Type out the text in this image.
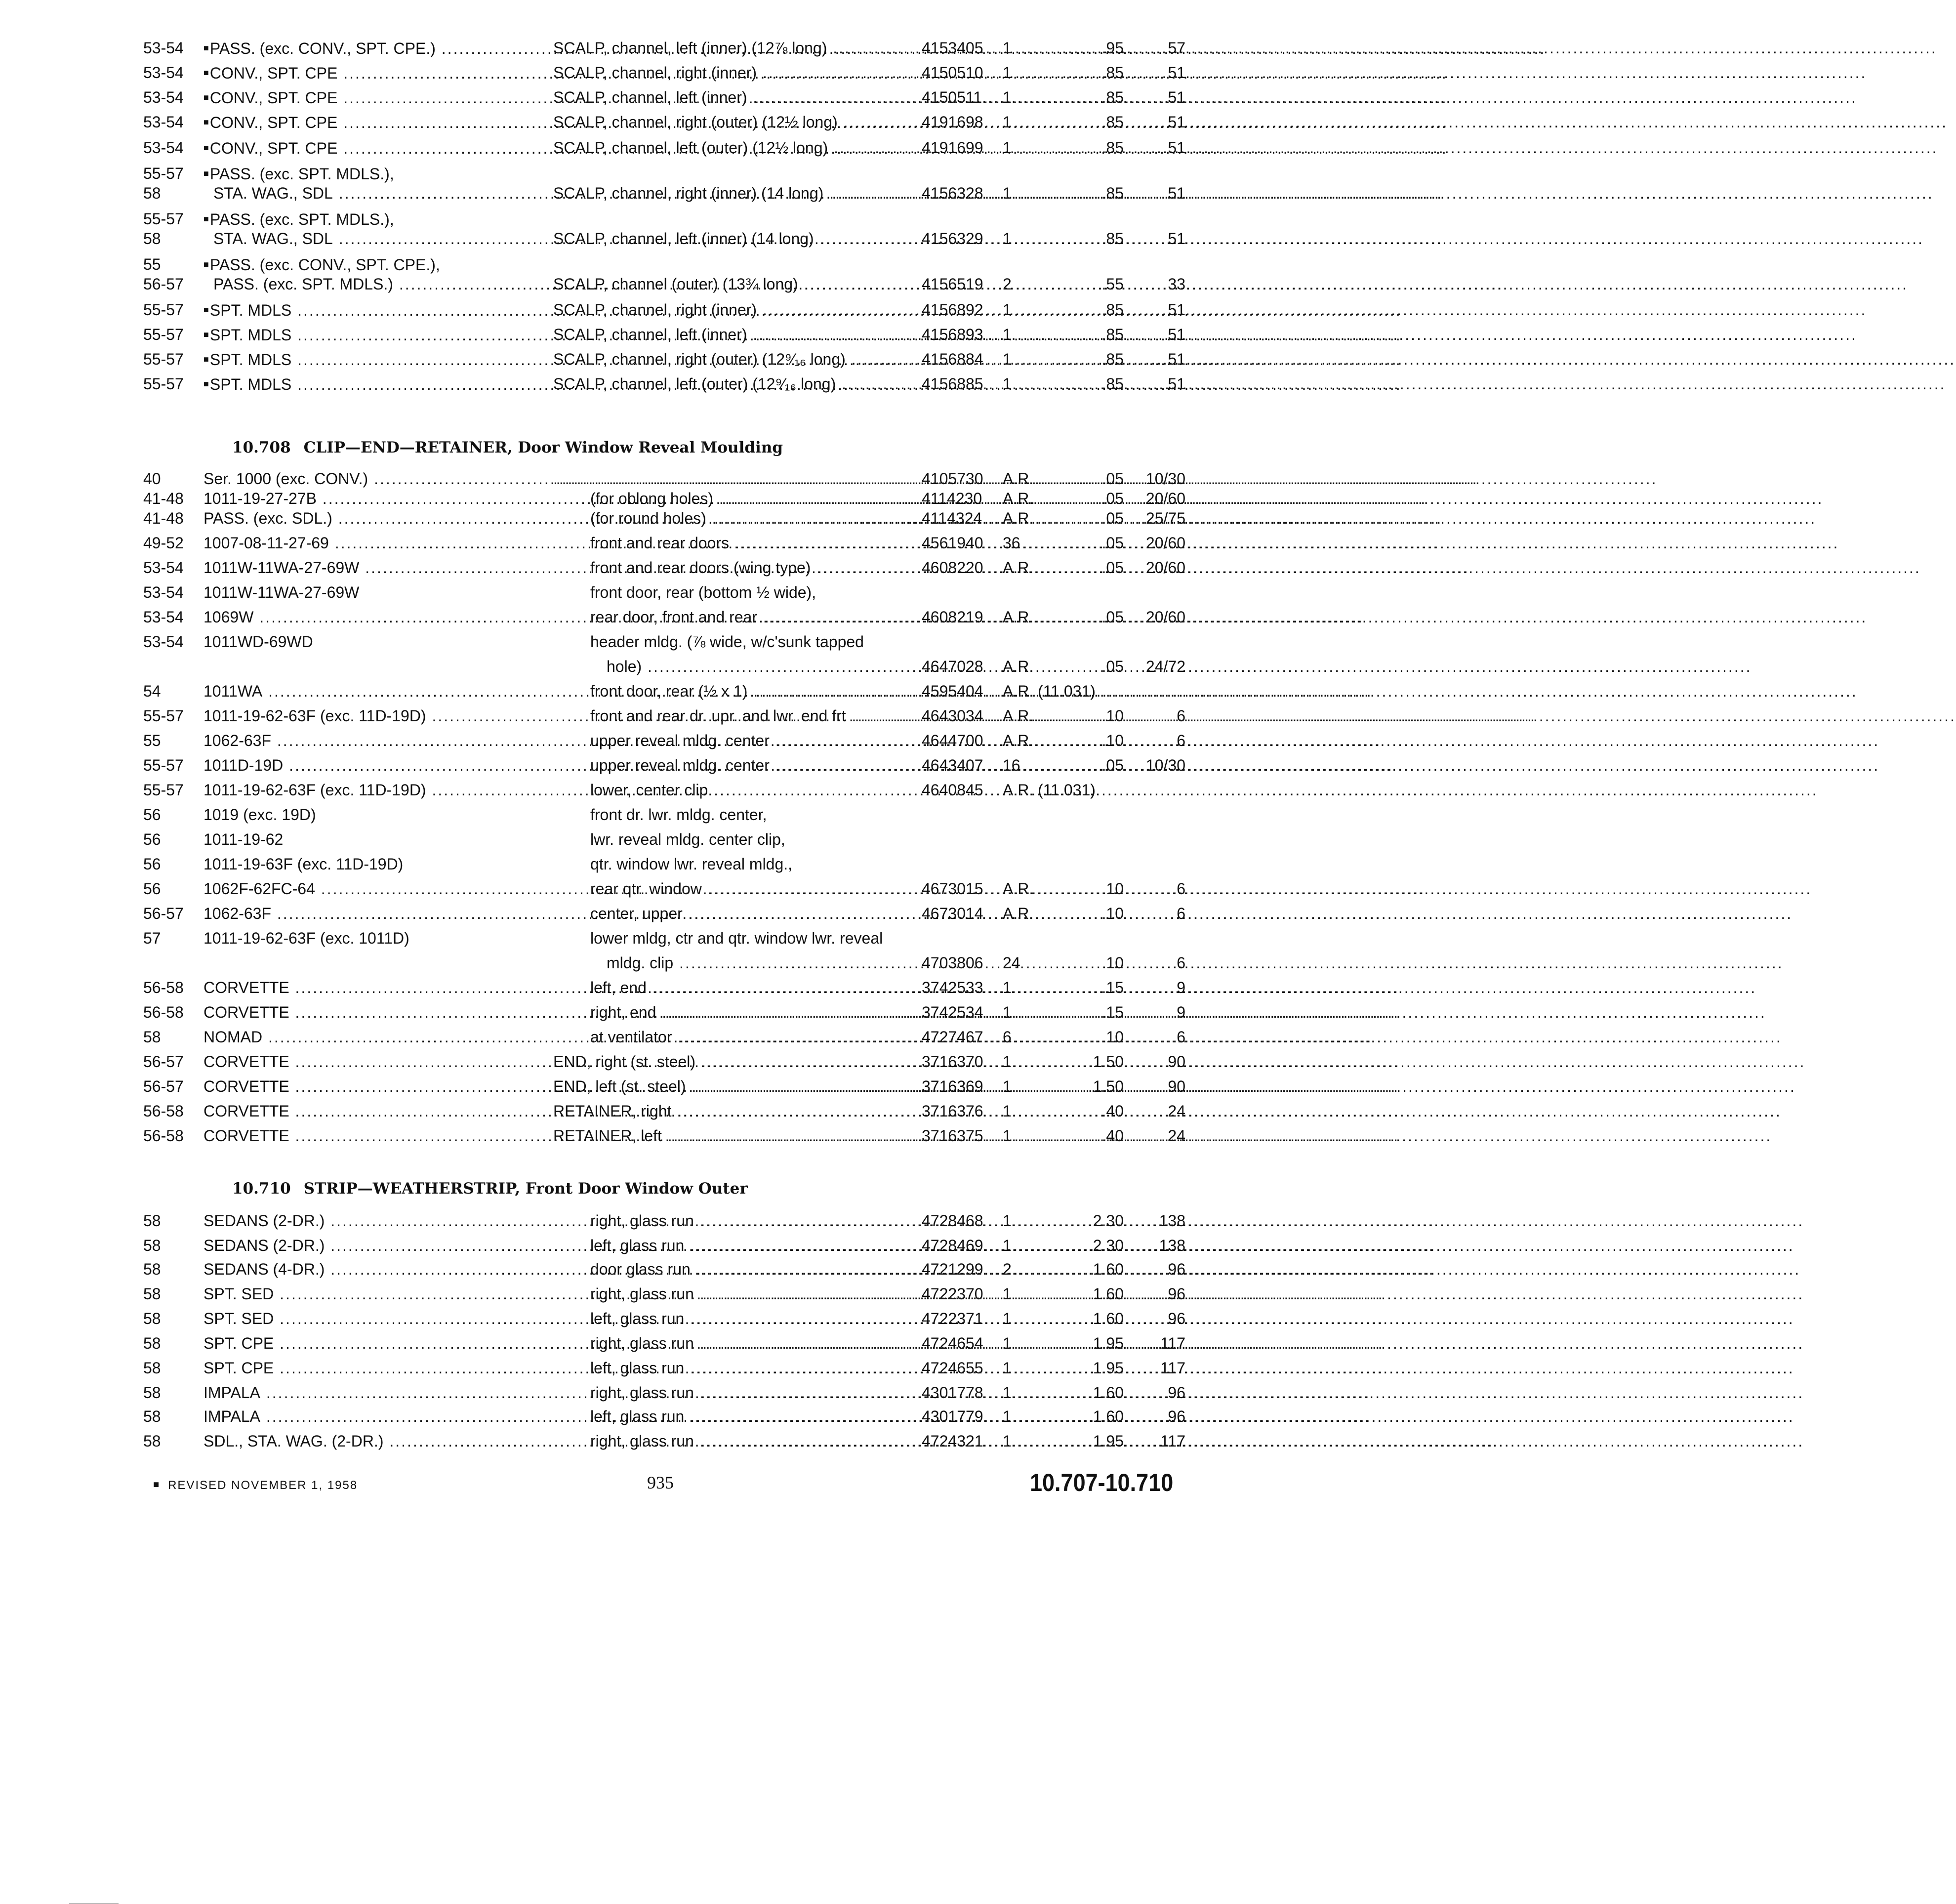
53-54	■PASS. (exc. CONV., SPT. CPE.) .....	SCALP, channel, left (inner) (12⅞ long) .....	4153405	1	.95	57
53-54	■CONV., SPT. CPE .....	SCALP, channel, right (inner) .....	4150510	1	.85	51
53-54	■CONV., SPT. CPE .....	SCALP, channel, left (inner) .....	4150511	1	.85	51
53-54	■CONV., SPT. CPE .....	SCALP, channel, right (outer) (12½ long) .....	4191698	1	.85	51
53-54	■CONV., SPT. CPE .....	SCALP, channel, left (outer) (12½ long) .....	4191699	1	.85	51
55-57	■PASS. (exc. SPT. MDLS.),
58	STA. WAG., SDL .....	SCALP, channel, right (inner) (14 long) .....	4156328	1	.85	51
55-57	■PASS. (exc. SPT. MDLS.),
58	STA. WAG., SDL .....	SCALP, channel, left (inner) (14 long) .....	4156329	1	.85	51
55	■PASS. (exc. CONV., SPT. CPE.),
56-57	PASS. (exc. SPT. MDLS.) .....	SCALP, channel (outer) (13¾ long) .....	4156519	2	.55	33
55-57	■SPT. MDLS .....	SCALP, channel, right (inner) .....	4156892	1	.85	51
55-57	■SPT. MDLS .....	SCALP, channel, left (inner) .....	4156893	1	.85	51
55-57	■SPT. MDLS .....	SCALP, channel, right (outer) (12⁹⁄₁₆ long) .....	4156884	1	.85	51
55-57	■SPT. MDLS .....	SCALP, channel, left (outer) (12⁹⁄₁₆ long) .....	4156885	1	.85	51
10.708 CLIP—END—RETAINER, Door Window Reveal Moulding
40	Ser. 1000 (exc. CONV.) .....
.....	4105730	A.R.	.05	10/30
41-48	1011-19-27-27B .....	(for oblong holes) .....	4114230	A.R.	.05	20/60
41-48	PASS. (exc. SDL.) .....	(for round holes) .....	4114324	A.R.	.05	25/75
49-52	1007-08-11-27-69 .....	front and rear doors .....	4561940	36	.05	20/60
53-54	1011W-11WA-27-69W .....	front and rear doors (wing type) .....	4608220	A.R.	.05	20/60
53-54	1011W-11WA-27-69W	front door, rear (bottom ½ wide),
53-54	1069W .....	rear door, front and rear .....	4608219	A.R.	.05	20/60
53-54	1011WD-69WD	header mldg. (⅞ wide, w/c'sunk tapped
hole) .....	4647028	A.R.	.05	24/72
54	1011WA .....	front door, rear (½ x 1) .....	4595404	A.R. (11.031)
55-57	1011-19-62-63F (exc. 11D-19D) .....	front and rear dr. upr. and lwr. end frt .....	4643034	A.R.	.10	6
55	1062-63F .....	upper reveal mldg. center .....	4644700	A.R.	.10	6
55-57	1011D-19D .....	upper reveal mldg. center .....	4643407	16	.05	10/30
55-57	1011-19-62-63F (exc. 11D-19D) .....	lower, center clip .....	4640845	A.R. (11.031)
56	1019 (exc. 19D)	front dr. lwr. mldg. center,
56	1011-19-62	lwr. reveal mldg. center clip,
56	1011-19-63F (exc. 11D-19D)	qtr. window lwr. reveal mldg.,
56	1062F-62FC-64 .....	rear qtr. window .....	4673015	A.R.	.10	6
56-57	1062-63F .....	center, upper .....	4673014	A.R.	.10	6
57	1011-19-62-63F (exc. 1011D)	lower mldg, ctr and qtr. window lwr. reveal
mldg. clip .....	4703806	24	.10	6
56-58	CORVETTE .....	left, end .....	3742533	1	.15	9
56-58	CORVETTE .....	right, end .....	3742534	1	.15	9
58	NOMAD .....	at ventilator .....	4727467	6	.10	6
56-57	CORVETTE .....	END, right (st. steel) .....	3716370	1	1.50	90
56-57	CORVETTE .....	END, left (st. steel) .....	3716369	1	1.50	90
56-58	CORVETTE .....	RETAINER, right .....	3716376	1	.40	24
56-58	CORVETTE .....	RETAINER, left .....	3716375	1	.40	24
10.710 STRIP—WEATHERSTRIP, Front Door Window Outer
58	SEDANS (2-DR.) .....	right, glass run .....	4728468	1	2.30	138
58	SEDANS (2-DR.) .....	left, glass run .....	4728469	1	2.30	138
58	SEDANS (4-DR.) .....	door glass run .....	4721299	2	1.60	96
58	SPT. SED .....	right, glass run .....	4722370	1	1.60	96
58	SPT. SED .....	left, glass run .....	4722371	1	1.60	96
58	SPT. CPE .....	right, glass run .....	4724654	1	1.95	117
58	SPT. CPE .....	left, glass run .....	4724655	1	1.95	117
58	IMPALA .....	right, glass run .....	4301778	1	1.60	96
58	IMPALA .....	left, glass run .....	4301779	1	1.60	96
58	SDL., STA. WAG. (2-DR.) .....	right, glass run .....	4724321	1	1.95	117
■ REVISED NOVEMBER 1, 1958	935	10.707-10.710
